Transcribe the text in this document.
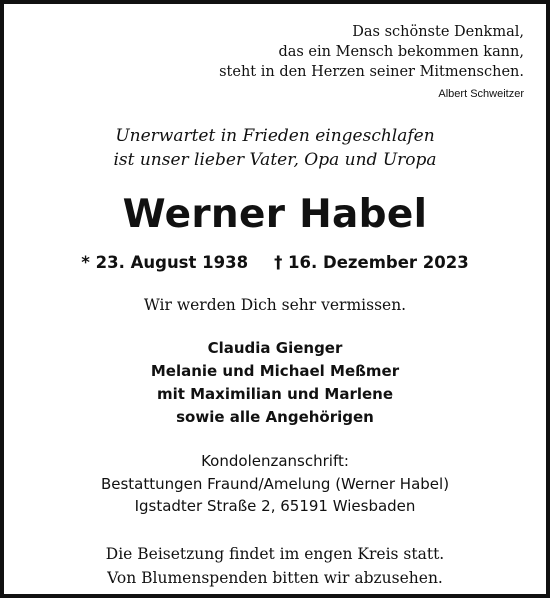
Das schönste Denkmal,
das ein Mensch bekommen kann,
steht in den Herzen seiner Mitmenschen.
Albert Schweitzer
Unerwartet in Frieden eingeschlafen
ist unser lieber Vater, Opa und Uropa
Werner Habel
* 23. August 1938 † 16. Dezember 2023
Wir werden Dich sehr vermissen.
Claudia Gienger
Melanie und Michael Meßmer
mit Maximilian und Marlene
sowie alle Angehörigen
Kondolenzanschrift:
Bestattungen Fraund/Amelung (Werner Habel)
Igstadter Straße 2, 65191 Wiesbaden
Die Beisetzung findet im engen Kreis statt.
Von Blumenspenden bitten wir abzusehen.
